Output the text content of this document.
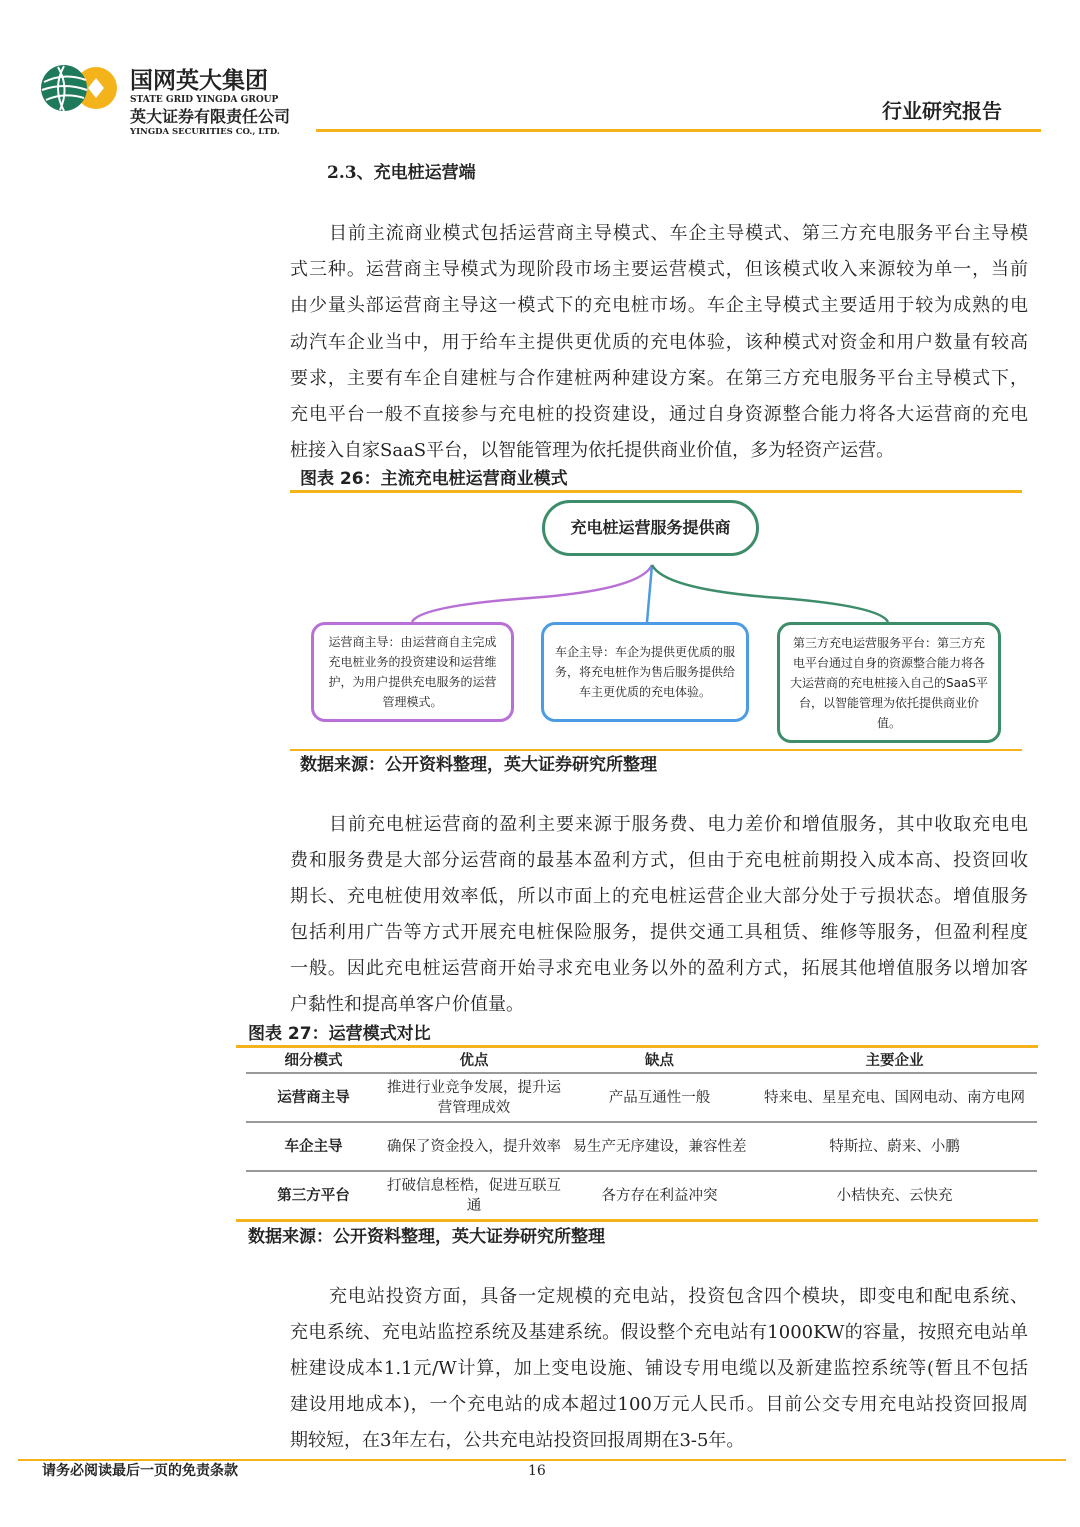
国网英大集团
STATE GRID YINGDA GROUP
英大证券有限责任公司
YINGDA SECURITIES CO., LTD.
行业研究报告
2.3、充电桩运营端
目前主流商业模式包括运营商主导模式、车企主导模式、第三方充电服务平台主导模
式三种。运营商主导模式为现阶段市场主要运营模式，但该模式收入来源较为单一，当前
由少量头部运营商主导这一模式下的充电桩市场。车企主导模式主要适用于较为成熟的电
动汽车企业当中，用于给车主提供更优质的充电体验，该种模式对资金和用户数量有较高
要求，主要有车企自建桩与合作建桩两种建设方案。在第三方充电服务平台主导模式下，
充电平台一般不直接参与充电桩的投资建设，通过自身资源整合能力将各大运营商的充电
桩接入自家SaaS平台，以智能管理为依托提供商业价值，多为轻资产运营。
图表 26：主流充电桩运营商业模式
充电桩运营服务提供商
运营商主导：由运营商自主完成充电桩业务的投资建设和运营维护，为用户提供充电服务的运营管理模式。
车企主导：车企为提供更优质的服务，将充电桩作为售后服务提供给车主更优质的充电体验。
第三方充电运营服务平台：第三方充电平台通过自身的资源整合能力将各大运营商的充电桩接入自己的SaaS平台，以智能管理为依托提供商业价值。
数据来源：公开资料整理，英大证券研究所整理
目前充电桩运营商的盈利主要来源于服务费、电力差价和增值服务，其中收取充电电
费和服务费是大部分运营商的最基本盈利方式，但由于充电桩前期投入成本高、投资回收
期长、充电桩使用效率低，所以市面上的充电桩运营企业大部分处于亏损状态。增值服务
包括利用广告等方式开展充电桩保险服务，提供交通工具租赁、维修等服务，但盈利程度
一般。因此充电桩运营商开始寻求充电业务以外的盈利方式，拓展其他增值服务以增加客
户黏性和提高单客户价值量。
图表 27：运营模式对比
细分模式	优点	缺点	主要企业
运营商主导	推进行业竞争发展，提升运营管理成效	产品互通性一般	特来电、星星充电、国网电动、南方电网
车企主导	确保了资金投入，提升效率	易生产无序建设，兼容性差	特斯拉、蔚来、小鹏
第三方平台	打破信息桎梏，促进互联互通	各方存在利益冲突	小桔快充、云快充
数据来源：公开资料整理，英大证券研究所整理
充电站投资方面，具备一定规模的充电站，投资包含四个模块，即变电和配电系统、
充电系统、充电站监控系统及基建系统。假设整个充电站有1000KW的容量，按照充电站单
桩建设成本1.1元/W计算，加上变电设施、铺设专用电缆以及新建监控系统等(暂且不包括
建设用地成本)，一个充电站的成本超过100万元人民币。目前公交专用充电站投资回报周
期较短，在3年左右，公共充电站投资回报周期在3-5年。
请务必阅读最后一页的免责条款	16
